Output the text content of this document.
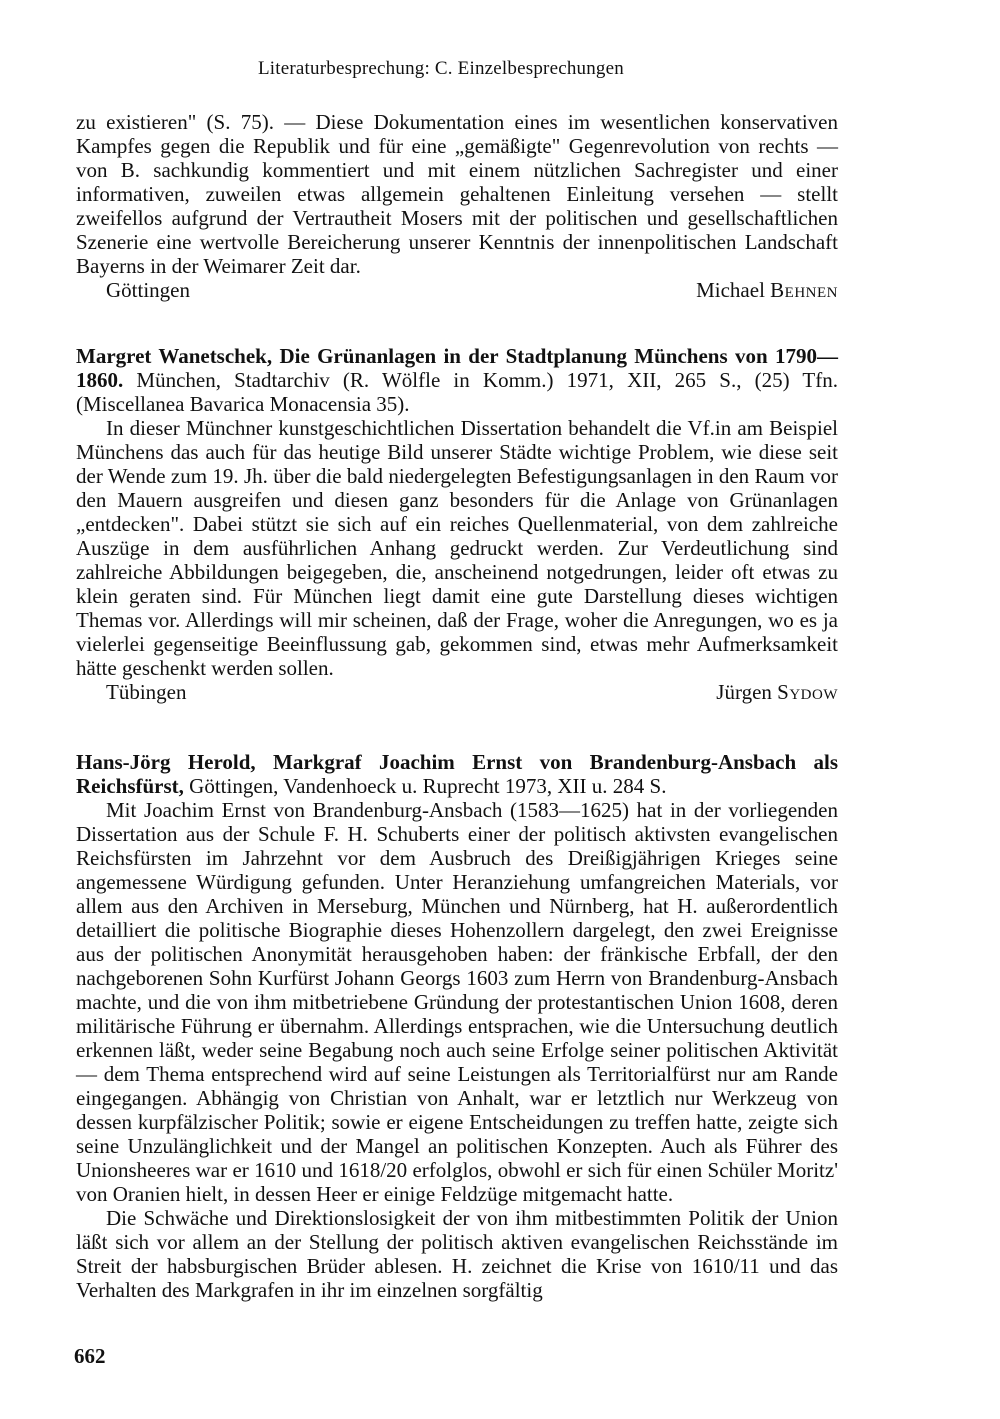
Literaturbesprechung: C. Einzelbesprechungen

zu existieren" (S. 75). — Diese Dokumentation eines im wesentlichen konservativen Kampfes gegen die Republik und für eine „gemäßigte" Gegenrevolution von rechts — von B. sachkundig kommentiert und mit einem nützlichen Sachregister und einer informativen, zuweilen etwas allgemein gehaltenen Einleitung versehen — stellt zweifellos aufgrund der Vertrautheit Mosers mit der politischen und gesellschaftlichen Szenerie eine wertvolle Bereicherung unserer Kenntnis der innenpolitischen Landschaft Bayerns in der Weimarer Zeit dar.

Göttingen	Michael Behnen

Margret Wanetschek, Die Grünanlagen in der Stadtplanung Münchens von 1790—1860. München, Stadtarchiv (R. Wölfle in Komm.) 1971, XII, 265 S., (25) Tfn. (Miscellanea Bavarica Monacensia 35).

In dieser Münchner kunstgeschichtlichen Dissertation behandelt die Vf.in am Beispiel Münchens das auch für das heutige Bild unserer Städte wichtige Problem, wie diese seit der Wende zum 19. Jh. über die bald niedergelegten Befestigungsanlagen in den Raum vor den Mauern ausgreifen und diesen ganz besonders für die Anlage von Grünanlagen „entdecken". Dabei stützt sie sich auf ein reiches Quellenmaterial, von dem zahlreiche Auszüge in dem ausführlichen Anhang gedruckt werden. Zur Verdeutlichung sind zahlreiche Abbildungen beigegeben, die, anscheinend notgedrungen, leider oft etwas zu klein geraten sind. Für München liegt damit eine gute Darstellung dieses wichtigen Themas vor. Allerdings will mir scheinen, daß der Frage, woher die Anregungen, wo es ja vielerlei gegenseitige Beeinflussung gab, gekommen sind, etwas mehr Aufmerksamkeit hätte geschenkt werden sollen.

Tübingen	Jürgen Sydow

Hans-Jörg Herold, Markgraf Joachim Ernst von Brandenburg-Ansbach als Reichsfürst, Göttingen, Vandenhoeck u. Ruprecht 1973, XII u. 284 S.

Mit Joachim Ernst von Brandenburg-Ansbach (1583—1625) hat in der vorliegenden Dissertation aus der Schule F. H. Schuberts einer der politisch aktivsten evangelischen Reichsfürsten im Jahrzehnt vor dem Ausbruch des Dreißigjährigen Krieges seine angemessene Würdigung gefunden. Unter Heranziehung umfangreichen Materials, vor allem aus den Archiven in Merseburg, München und Nürnberg, hat H. außerordentlich detailliert die politische Biographie dieses Hohenzollern dargelegt, den zwei Ereignisse aus der politischen Anonymität herausgehoben haben: der fränkische Erbfall, der den nachgeborenen Sohn Kurfürst Johann Georgs 1603 zum Herrn von Brandenburg-Ansbach machte, und die von ihm mitbetriebene Gründung der protestantischen Union 1608, deren militärische Führung er übernahm. Allerdings entsprachen, wie die Untersuchung deutlich erkennen läßt, weder seine Begabung noch auch seine Erfolge seiner politischen Aktivität — dem Thema entsprechend wird auf seine Leistungen als Territorialfürst nur am Rande eingegangen. Abhängig von Christian von Anhalt, war er letztlich nur Werkzeug von dessen kurpfälzischer Politik; sowie er eigene Entscheidungen zu treffen hatte, zeigte sich seine Unzulänglichkeit und der Mangel an politischen Konzepten. Auch als Führer des Unionsheeres war er 1610 und 1618/20 erfolglos, obwohl er sich für einen Schüler Moritz' von Oranien hielt, in dessen Heer er einige Feldzüge mitgemacht hatte.

Die Schwäche und Direktionslosigkeit der von ihm mitbestimmten Politik der Union läßt sich vor allem an der Stellung der politisch aktiven evangelischen Reichsstände im Streit der habsburgischen Brüder ablesen. H. zeichnet die Krise von 1610/11 und das Verhalten des Markgrafen in ihr im einzelnen sorgfältig

662
